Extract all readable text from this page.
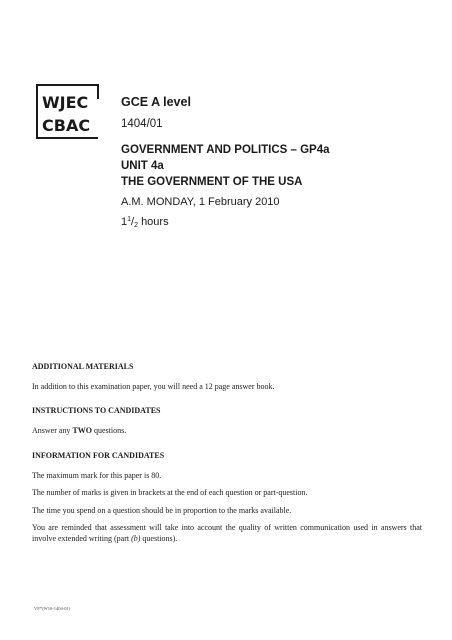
WJEC
CBAC
GCE A level
1404/01
GOVERNMENT AND POLITICS – GP4a
UNIT 4a
THE GOVERNMENT OF THE USA
A.M. MONDAY, 1 February 2010
$1^1/_2$ hours

ADDITIONAL MATERIALS

In addition to this examination paper, you will need a 12 page answer book.

INSTRUCTIONS TO CANDIDATES

Answer any TWO questions.

INFORMATION FOR CANDIDATES

The maximum mark for this paper is 80.

The number of marks is given in brackets at the end of each question or part-question.

The time you spend on a question should be in proportion to the marks available.

You are reminded that assessment will take into account the quality of written communication used in answers that involve extended writing (part (b) questions).

VP*(W10-1404-01)
